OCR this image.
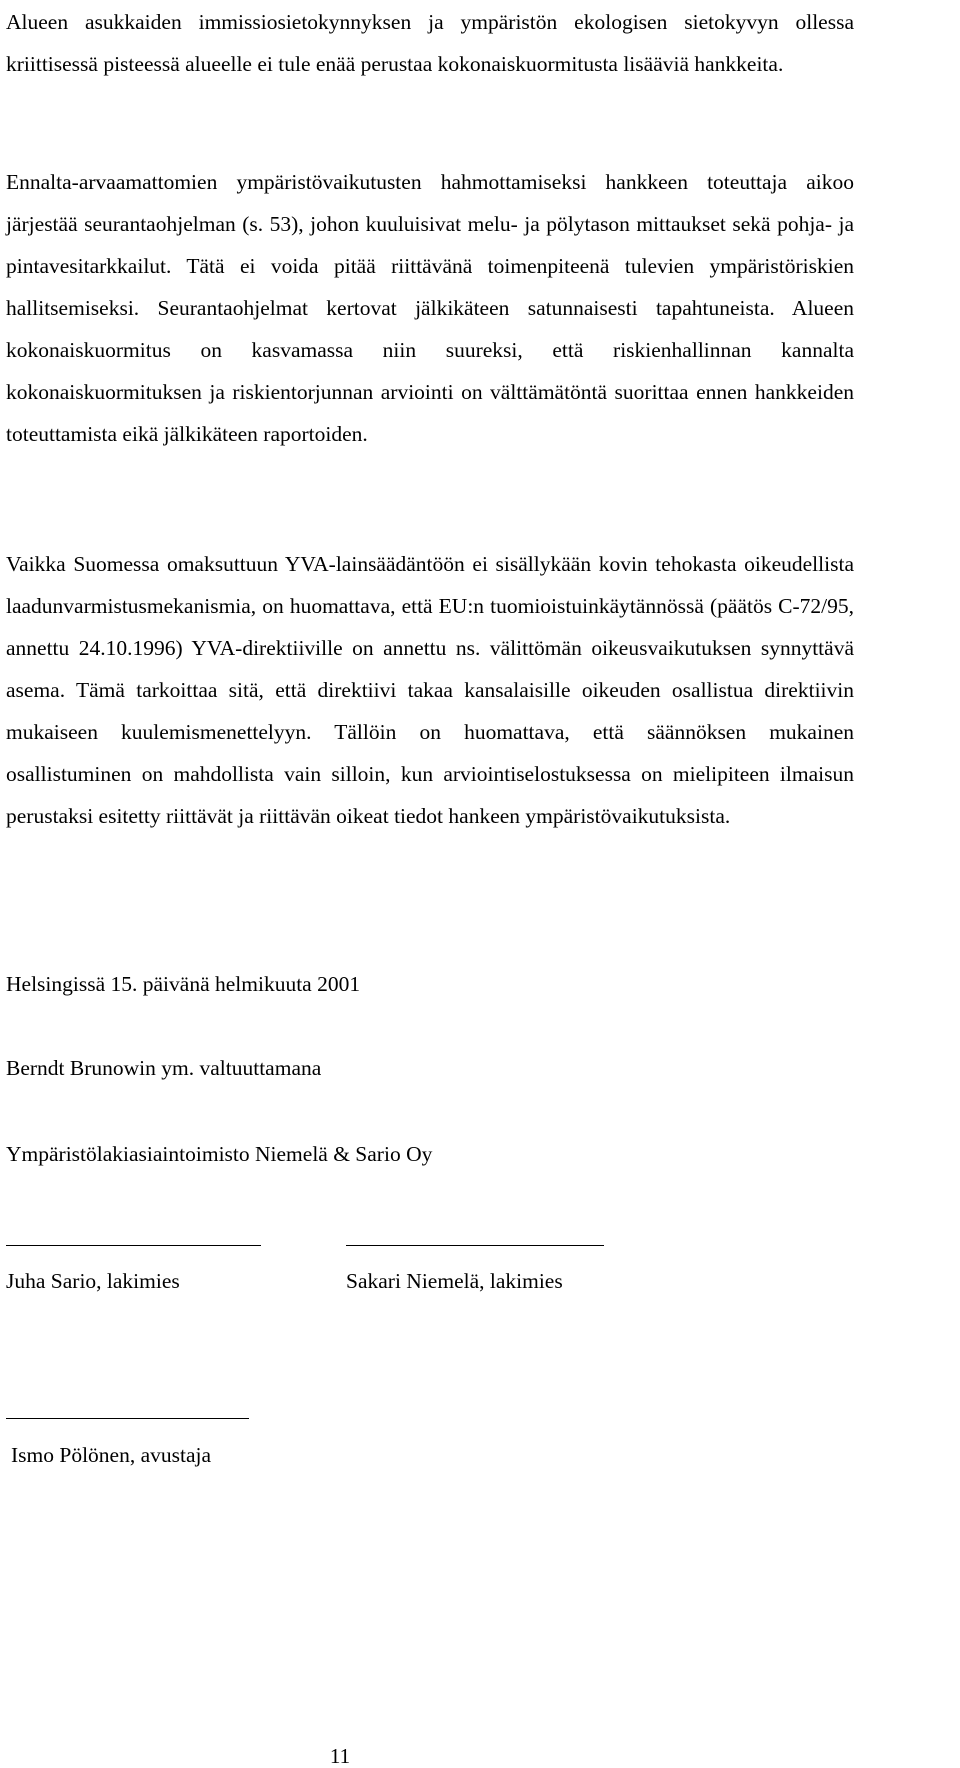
Alueen asukkaiden immissiosietokynnyksen ja ympäristön ekologisen sietokyvyn ollessa kriittisessä pisteessä alueelle ei tule enää perustaa kokonaiskuormitusta lisääviä hankkeita.

Ennalta-arvaamattomien ympäristövaikutusten hahmottamiseksi hankkeen toteuttaja aikoo järjestää seurantaohjelman (s. 53), johon kuuluisivat melu- ja pölytason mittaukset sekä pohja- ja pintavesitarkkailut. Tätä ei voida pitää riittävänä toimenpiteenä tulevien ympäristöriskien hallitsemiseksi. Seurantaohjelmat kertovat jälkikäteen satunnaisesti tapahtuneista. Alueen kokonaiskuormitus on kasvamassa niin suureksi, että riskienhallinnan kannalta kokonaiskuormituksen ja riskientorjunnan arviointi on välttämätöntä suorittaa ennen hankkeiden toteuttamista eikä jälkikäteen raportoiden.

Vaikka Suomessa omaksuttuun YVA-lainsäädäntöön ei sisällykään kovin tehokasta oikeudellista laadunvarmistusmekanismia, on huomattava, että EU:n tuomioistuinkäytännössä (päätös C-72/95, annettu 24.10.1996) YVA-direktiiville on annettu ns. välittömän oikeusvaikutuksen synnyttävä asema. Tämä tarkoittaa sitä, että direktiivi takaa kansalaisille oikeuden osallistua direktiivin mukaiseen kuulemismenettelyyn. Tällöin on huomattava, että säännöksen mukainen osallistuminen on mahdollista vain silloin, kun arviointiselostuksessa on mielipiteen ilmaisun perustaksi esitetty riittävät ja riittävän oikeat tiedot hankeen ympäristövaikutuksista.

Helsingissä 15. päivänä helmikuuta 2001

Berndt Brunowin ym. valtuuttamana

Ympäristölakiasiaintoimisto Niemelä & Sario Oy

Juha Sario, lakimies	Sakari Niemelä, lakimies

Ismo Pölönen, avustaja

11
